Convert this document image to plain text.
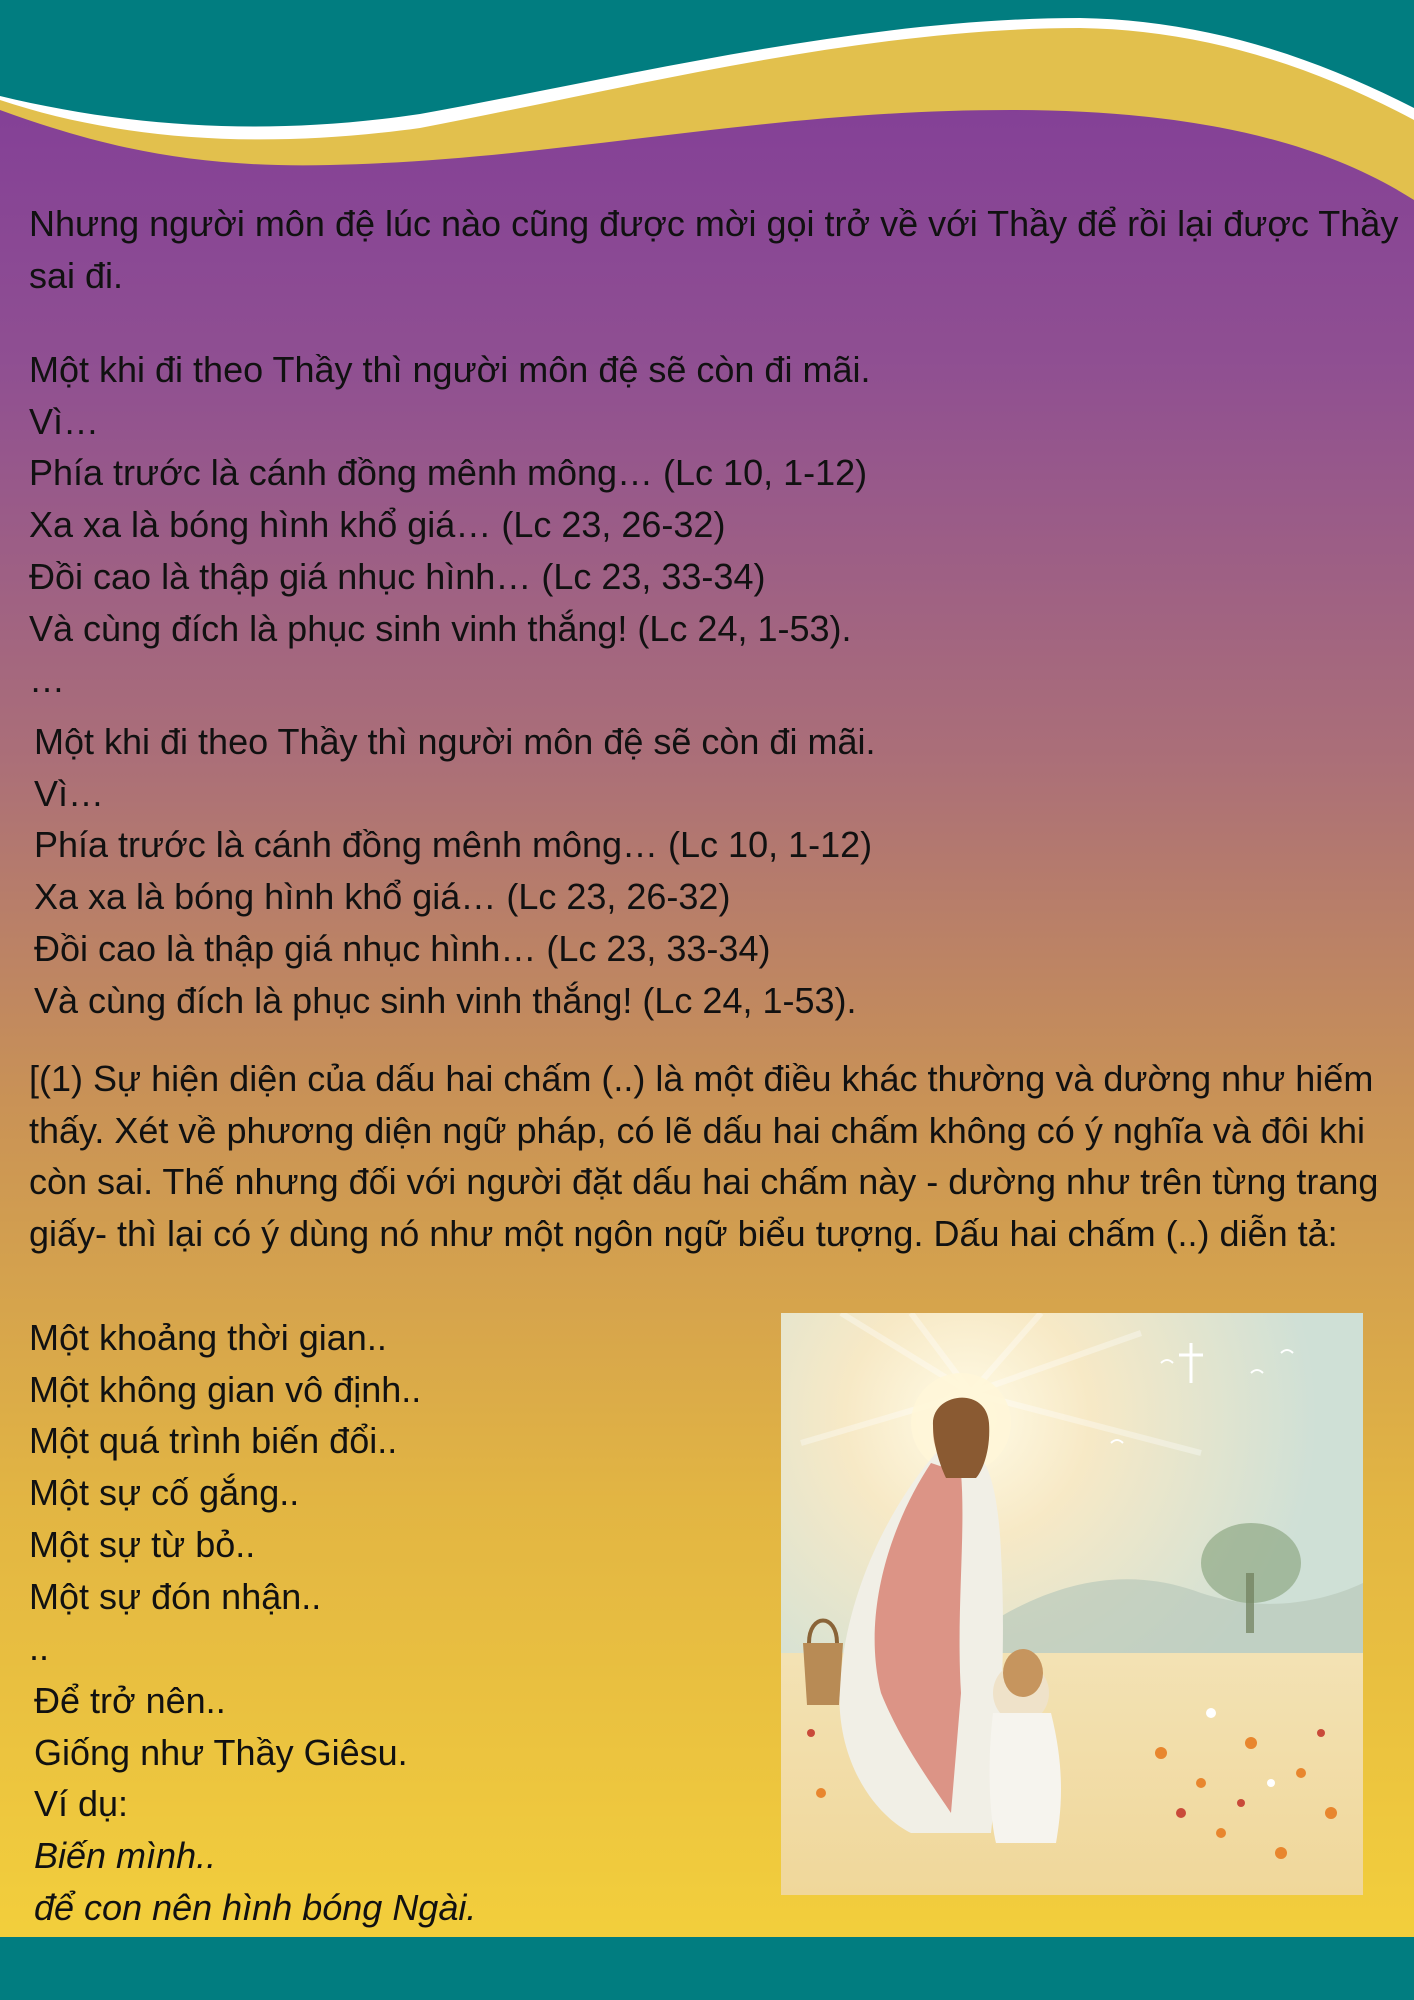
Nhưng người môn đệ lúc nào cũng được mời gọi trở về với Thầy để rồi lại được Thầy sai đi.

Một khi đi theo Thầy thì người môn đệ sẽ còn đi mãi.

Vì…

Phía trước là cánh đồng mênh mông… (Lc 10, 1-12)

Xa xa là bóng hình khổ giá… (Lc 23, 26-32)

Đồi cao là thập giá nhục hình… (Lc 23, 33-34)

Và cùng đích là phục sinh vinh thắng! (Lc 24, 1-53).

…

Một khi đi theo Thầy thì người môn đệ sẽ còn đi mãi.

Vì…

Phía trước là cánh đồng mênh mông… (Lc 10, 1-12)

Xa xa là bóng hình khổ giá… (Lc 23, 26-32)

Đồi cao là thập giá nhục hình… (Lc 23, 33-34)

Và cùng đích là phục sinh vinh thắng! (Lc 24, 1-53).

[(1) Sự hiện diện của dấu hai chấm (..) là một điều khác thường và dường như hiếm thấy. Xét về phương diện ngữ pháp, có lẽ dấu hai chấm không có ý nghĩa và đôi khi còn sai. Thế nhưng đối với người đặt dấu hai chấm này - dường như trên từng trang giấy- thì lại có ý dùng nó như một ngôn ngữ biểu tượng. Dấu hai chấm (..) diễn tả:

Một khoảng thời gian..

Một không gian vô định..

Một quá trình biến đổi..

Một sự cố gắng..

Một sự từ bỏ..

Một sự đón nhận..

..

Để trở nên..

Giống như Thầy Giêsu.

Ví dụ:

Biến mình..

để con nên hình bóng Ngài.
